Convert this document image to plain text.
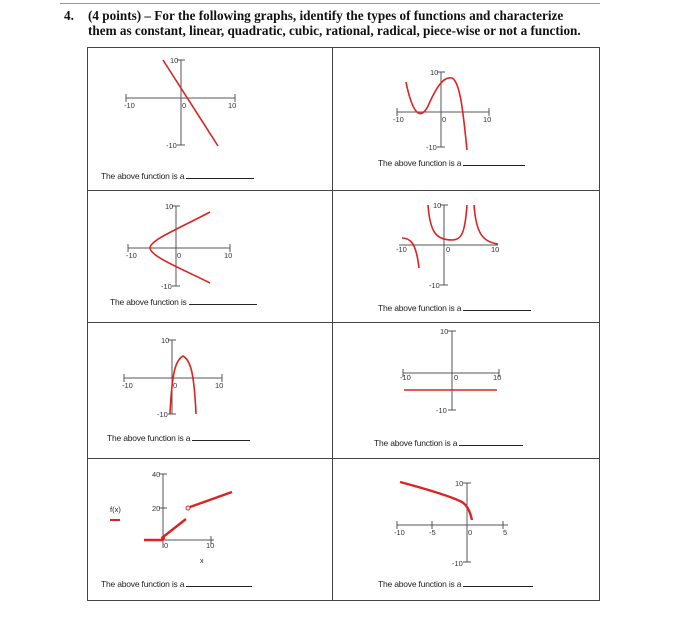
4. (4 points) – For the following graphs, identify the types of functions and characterize
them as constant, linear, quadratic, cubic, rational, radical, piece-wise or not a function.
10
-10	0	10
-10
10
-10	0	10
-10
10
-10	0	10
-10
10
-10	0	10
-10
10
-10	0	10
-10
10
-10	0	10
-10
40
20
0	10
10
-10	-5	0	5
-10
f(x)
x
The above function is a
The above function is a
The above function is
The above function is a
The above function is a	The above function is a
The above function is a	The above function is a
